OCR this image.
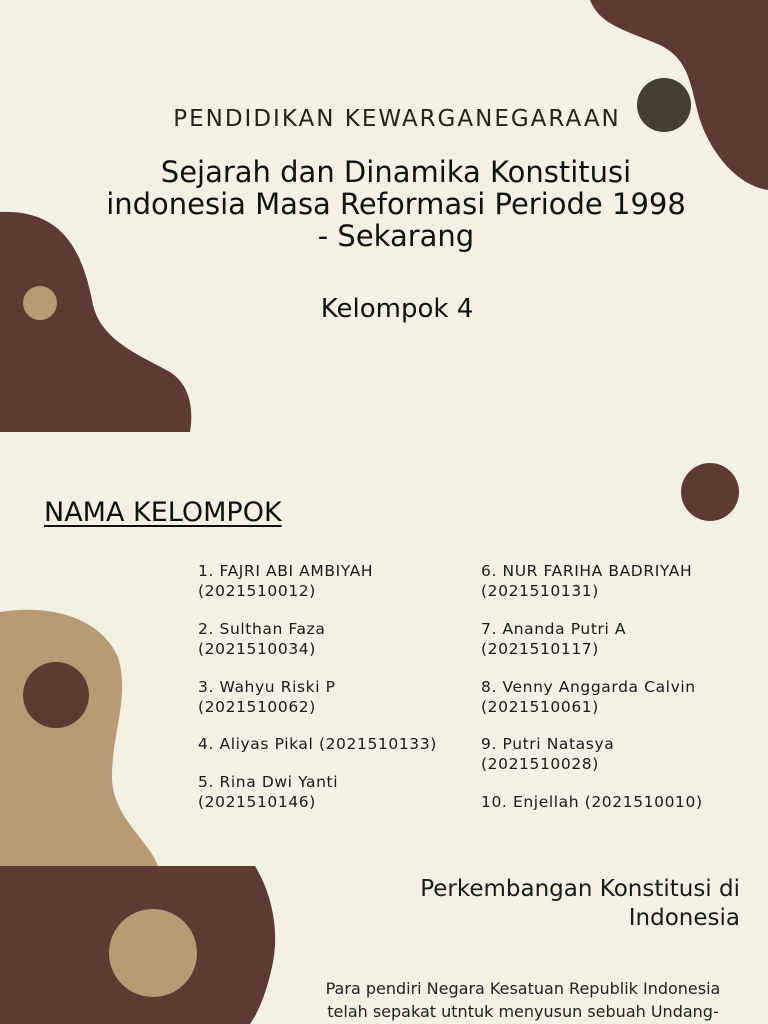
PENDIDIKAN KEWARGANEGARAAN
Sejarah dan Dinamika Konstitusi
indonesia Masa Reformasi Periode 1998
- Sekarang
Kelompok 4
NAMA KELOMPOK
1. FAJRI ABI AMBIYAH
(2021510012)
2. Sulthan Faza
(2021510034)
3. Wahyu Riski P
(2021510062)
4. Aliyas Pikal (2021510133)
5. Rina Dwi Yanti
(2021510146)
6. NUR FARIHA BADRIYAH
(2021510131)
7. Ananda Putri A
(2021510117)
8. Venny Anggarda Calvin
(2021510061)
9. Putri Natasya
(2021510028)
10. Enjellah (2021510010)
Perkembangan Konstitusi di
Indonesia
Para pendiri Negara Kesatuan Republik Indonesia
telah sepakat utntuk menyusun sebuah Undang-
